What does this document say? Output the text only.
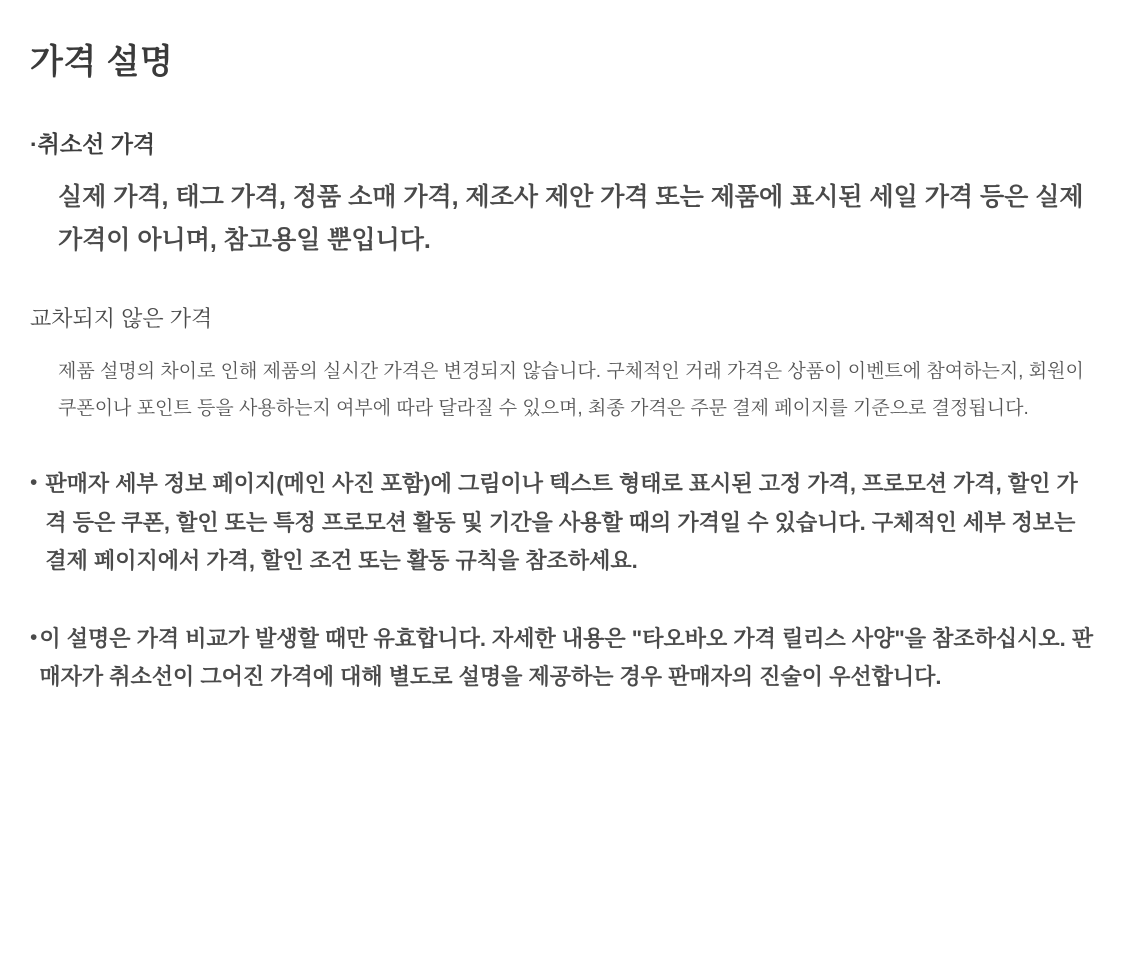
가격 설명
·취소선 가격

실제 가격, 태그 가격, 정품 소매 가격, 제조사 제안 가격 또는 제품에 표시된 세일 가격 등은 실제 가격이 아니며, 참고용일 뿐입니다.

교차되지 않은 가격

제품 설명의 차이로 인해 제품의 실시간 가격은 변경되지 않습니다. 구체적인 거래 가격은 상품이 이벤트에 참여하는지, 회원이 쿠폰이나 포인트 등을 사용하는지 여부에 따라 달라질 수 있으며, 최종 가격은 주문 결제 페이지를 기준으로 결정됩니다.

• 판매자 세부 정보 페이지(메인 사진 포함)에 그림이나 텍스트 형태로 표시된 고정 가격, 프로모션 가격, 할인 가격 등은 쿠폰, 할인 또는 특정 프로모션 활동 및 기간을 사용할 때의 가격일 수 있습니다. 구체적인 세부 정보는 결제 페이지에서 가격, 할인 조건 또는 활동 규칙을 참조하세요.
• 이 설명은 가격 비교가 발생할 때만 유효합니다. 자세한 내용은 "타오바오 가격 릴리스 사양"을 참조하십시오. 판매자가 취소선이 그어진 가격에 대해 별도로 설명을 제공하는 경우 판매자의 진술이 우선합니다.
